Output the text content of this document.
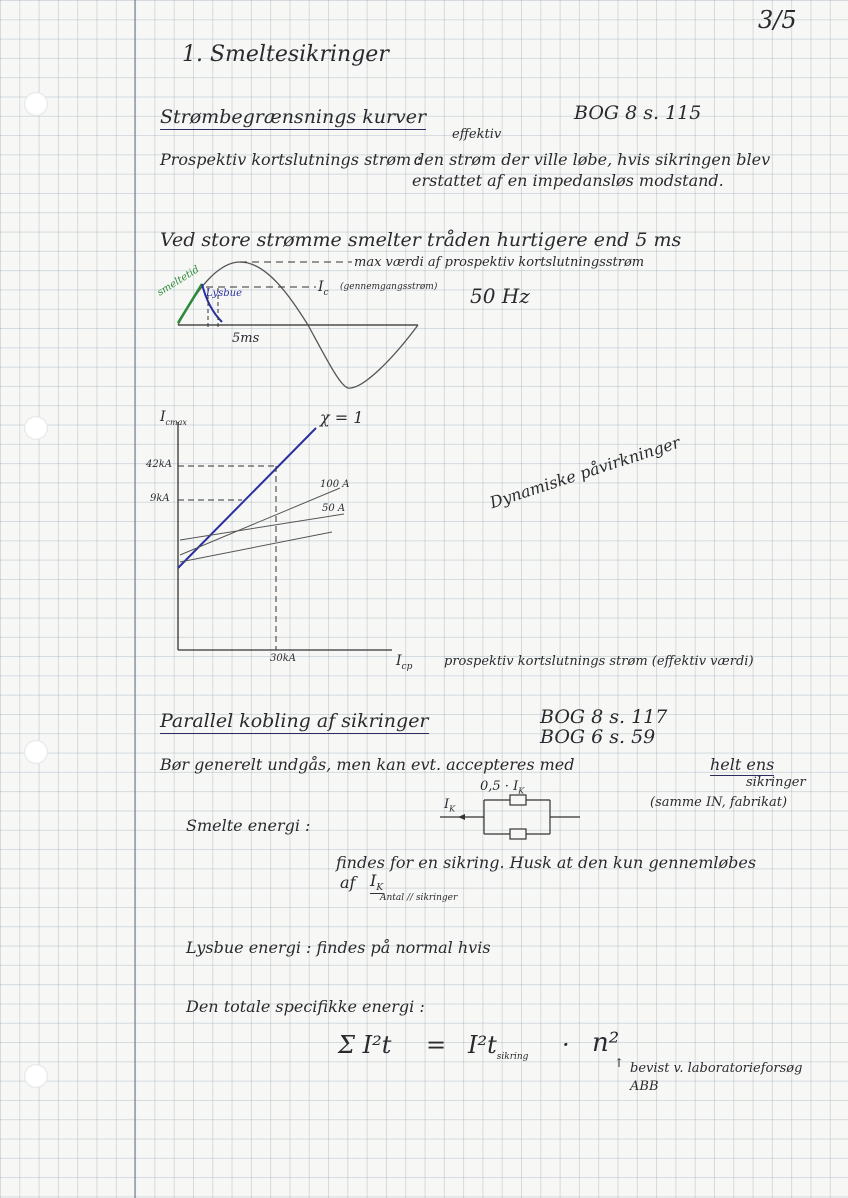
3/5
1. Smeltesikringer
Strømbegrænsnings kurver	BOG 8 s. 115
effektiv
Prospektiv kortslutnings strøm :
den strøm der ville løbe, hvis sikringen blev
erstattet af en impedansløs modstand.
Ved store strømme smelter tråden hurtigere end 5 ms
max værdi af prospektiv kortslutningsstrøm
$I_c$
(gennemgangsstrøm) 50 Hz
smeltetid Lysbue
5ms
$I_{cmax}$
42kA
9kA
30kA	$I_{cp}$ prospektiv kortslutnings strøm (effektiv værdi)
χ = 1
100 A
50 A	Dynamiske påvirkninger
Parallel kobling af sikringer	BOG 8 s. 117
BOG 6 s. 59
Bør generelt undgås, men kan evt. accepteres med	helt ens
sikringer
(samme IN, fabrikat)
$0,5 \cdot I_K$
$I_K$
Smelte energi :
findes for en sikring. Husk at den kun gennemløbes
af $I_K$
Antal // sikringer
Lysbue energi : findes på normal hvis
Den totale specifikke energi :
Σ $I^2t = I^2t_{sikring} \cdot n^2$
↑ bevist v. laboratorieforsøg
ABB
